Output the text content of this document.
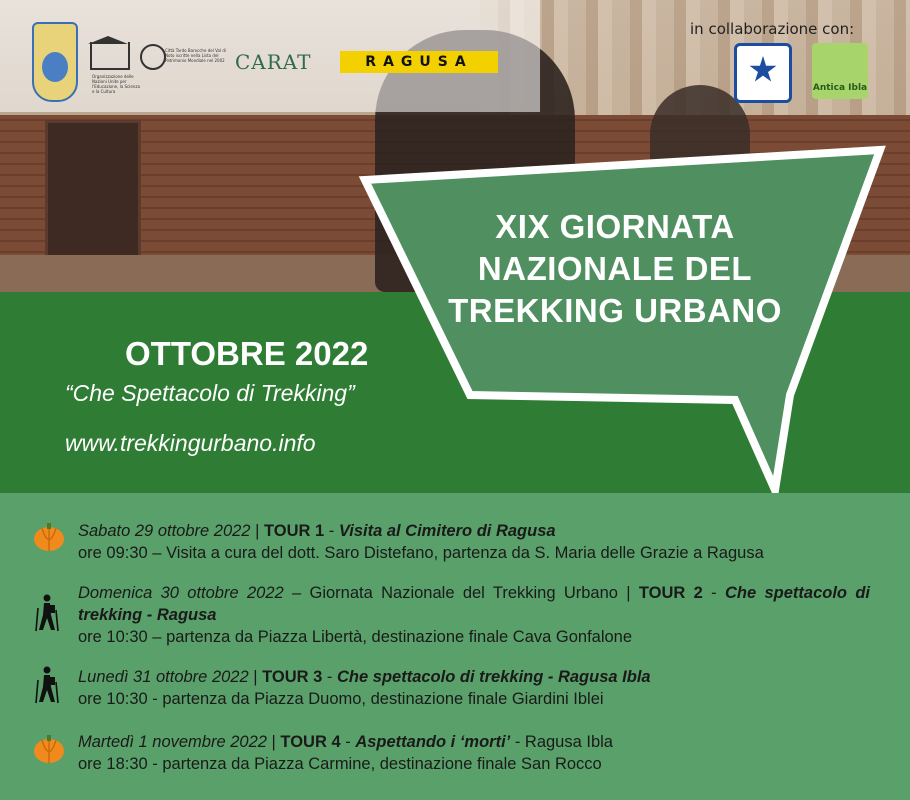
Organizzazione delle Nazioni Unite per l'Educazione, la Scienza e la Cultura
Città Tardo Barocche del Val di Noto iscritte nella Lista del Patrimonio Mondiale nel 2002 CARAT	RAGUSA
in collaborazione con:
Antica Ibla
XIX GIORNATA
NAZIONALE DEL
TREKKING URBANO
OTTOBRE 2022
“Che Spettacolo di Trekking”
www.trekkingurbano.info
Sabato 29 ottobre 2022 | TOUR 1 - Visita al Cimitero di Ragusa
ore 09:30 – Visita a cura del dott. Saro Distefano, partenza da S. Maria delle Grazie a Ragusa
Domenica 30 ottobre 2022 – Giornata Nazionale del Trekking Urbano | TOUR 2 - Che spettacolo di trekking - Ragusa
ore 10:30 – partenza da Piazza Libertà, destinazione finale Cava Gonfalone
Lunedì 31 ottobre 2022 | TOUR 3 - Che spettacolo di trekking - Ragusa Ibla
ore 10:30 - partenza da Piazza Duomo, destinazione finale Giardini Iblei
Martedì 1 novembre 2022 | TOUR 4 - Aspettando i ‘morti’ - Ragusa Ibla
ore 18:30 - partenza da Piazza Carmine, destinazione finale San Rocco
